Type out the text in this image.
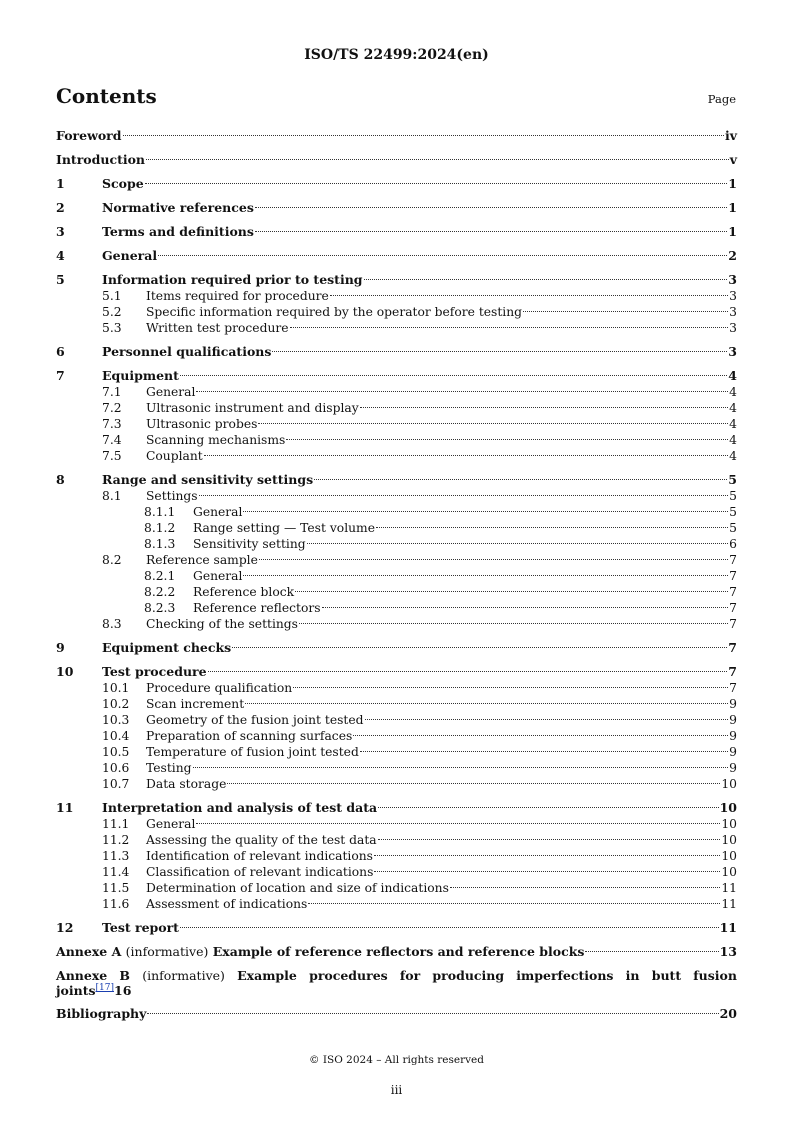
ISO/TS 22499:2024(en)
Contents	Page
Foreword	iv
Introduction	v
1	Scope	1
2	Normative references	1
3	Terms and definitions	1
4	General	2
5	Information required prior to testing	3
5.1	Items required for procedure	3
5.2	Specific information required by the operator before testing	3
5.3	Written test procedure	3
6	Personnel qualifications	3
7	Equipment	4
7.1	General	4
7.2	Ultrasonic instrument and display	4
7.3	Ultrasonic probes	4
7.4	Scanning mechanisms	4
7.5	Couplant	4
8	Range and sensitivity settings	5
8.1	Settings	5
8.1.1	General	5
8.1.2	Range setting — Test volume	5
8.1.3	Sensitivity setting	6
8.2	Reference sample	7
8.2.1	General	7
8.2.2	Reference block	7
8.2.3	Reference reflectors	7
8.3	Checking of the settings	7
9	Equipment checks	7
10	Test procedure	7
10.1	Procedure qualification	7
10.2	Scan increment	9
10.3	Geometry of the fusion joint tested	9
10.4	Preparation of scanning surfaces	9
10.5	Temperature of fusion joint tested	9
10.6	Testing	9
10.7	Data storage	10
11	Interpretation and analysis of test data	10
11.1	General	10
11.2	Assessing the quality of the test data	10
11.3	Identification of relevant indications	10
11.4	Classification of relevant indications	10
11.5	Determination of location and size of indications	11
11.6	Assessment of indications	11
12	Test report	11
Annexe A (informative) Example of reference reflectors and reference blocks	13
Annexe B (informative) Example procedures for producing imperfections in butt fusion
joints[17] 16
Bibliography	20
© ISO 2024 – All rights reserved
iii
